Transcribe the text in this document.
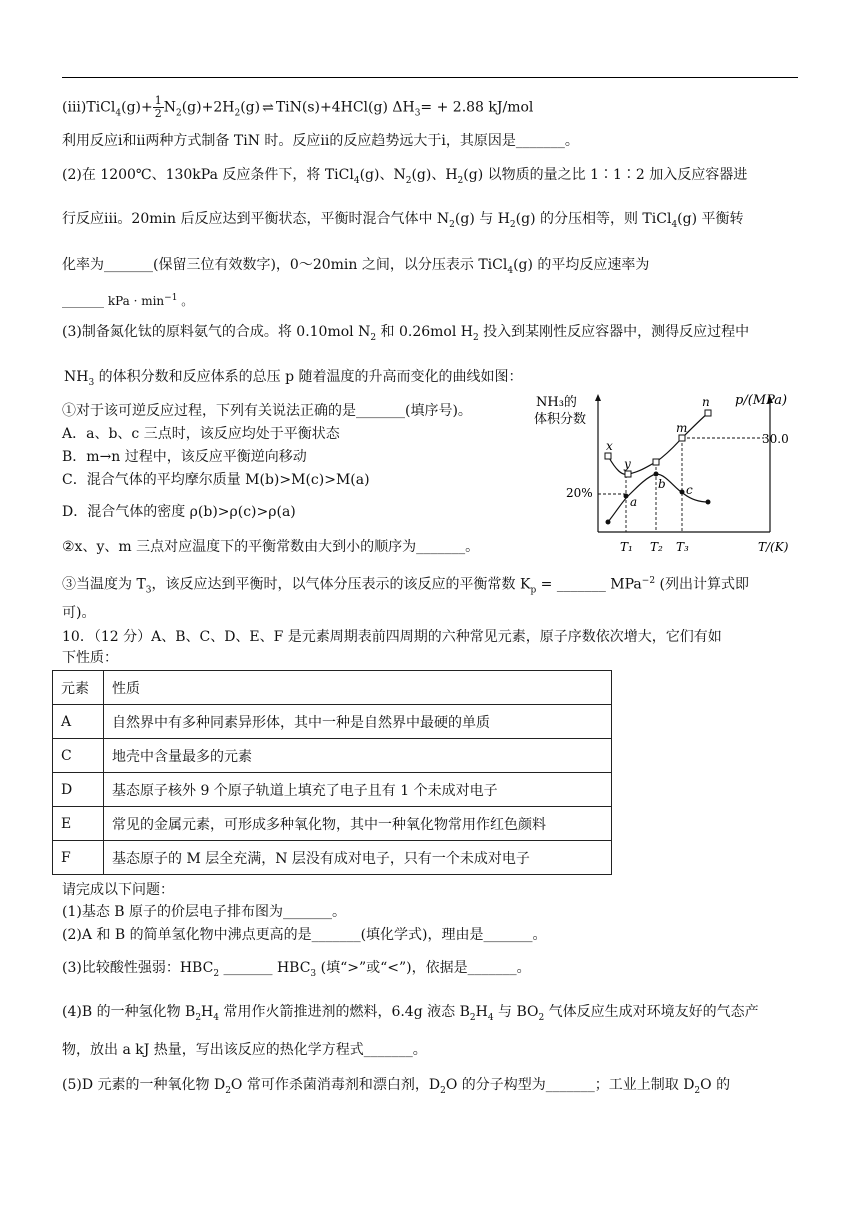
(iii)TiCl$_4$(g)+ $\frac{1}{2} N_2(g)+2H_2(g)$ ⇌ TiN(s)+4HCl(g) $\Delta H_3= + 2.88$ kJ/mol
利用反应i和ii两种方式制备 TiN 时。反应ii的反应趋势远大于i，其原因是_______。
(2)在 1200℃、130kPa 反应条件下，将 TiCl$_4$(g)、$N_2(g)$、$H_2(g)$ 以物质的量之比 1∶1∶2 加入反应容器进
行反应iii。20min 后反应达到平衡状态，平衡时混合气体中 $N_2(g)$ 与 $H_2(g)$ 的分压相等，则 TiCl$_4$(g) 平衡转
化率为_______(保留三位有效数字)，0～20min 之间，以分压表示 TiCl$_4$(g) 的平均反应速率为
_______ kPa · $\min^{-1}$ 。
(3)制备氮化钛的原料氨气的合成。将 0.10mol $N_2$ 和 0.26mol $H_2$ 投入到某刚性反应容器中，测得反应过程中
$NH_3$ 的体积分数和反应体系的总压 p 随着温度的升高而变化的曲线如图：
①对于该可逆反应过程，下列有关说法正确的是_______(填序号)。
A．a、b、c 三点时，该反应均处于平衡状态
B．m→n 过程中，该反应平衡逆向移动
C．混合气体的平均摩尔质量 M(b)>M(c)>M(a)
D．混合气体的密度 ρ(b)>ρ(c)>ρ(a)
②x、y、m 三点对应温度下的平衡常数由大到小的顺序为_______。
③当温度为 $T_3$，该反应达到平衡时，以气体分压表示的该反应的平衡常数 $K_p$ = _______ MPa$^{-2}$ (列出计算式即
可)。
10．（12 分）A、B、C、D、E、F 是元素周期表前四周期的六种常见元素，原子序数依次增大，它们有如
下性质：
NH₃的
体积分数
p/(MPa)
20%
30.0
T₁ T₂ T₃	T/(K)
x
y
m
n
a
b c
元素	性质
A	自然界中有多种同素异形体，其中一种是自然界中最硬的单质
C	地壳中含量最多的元素
D	基态原子核外 9 个原子轨道上填充了电子且有 1 个未成对电子
E	常见的金属元素，可形成多种氧化物，其中一种氧化物常用作红色颜料
F	基态原子的 M 层全充满，N 层没有成对电子，只有一个未成对电子
请完成以下问题：
(1)基态 B 原子的价层电子排布图为_______。
(2)A 和 B 的简单氢化物中沸点更高的是_______(填化学式)，理由是_______。
(3)比较酸性强弱：$HBC_2$ _______ $HBC_3$ (填“>”或“<”)，依据是_______。
(4)B 的一种氢化物 $B_2H_4$ 常用作火箭推进剂的燃料，6.4g 液态 $B_2H_4$ 与 $BO_2$ 气体反应生成对环境友好的气态产
物，放出 a kJ 热量，写出该反应的热化学方程式_______。
(5)D 元素的一种氧化物 $D_2O$ 常可作杀菌消毒剂和漂白剂，$D_2O$ 的分子构型为_______；工业上制取 $D_2O$ 的
